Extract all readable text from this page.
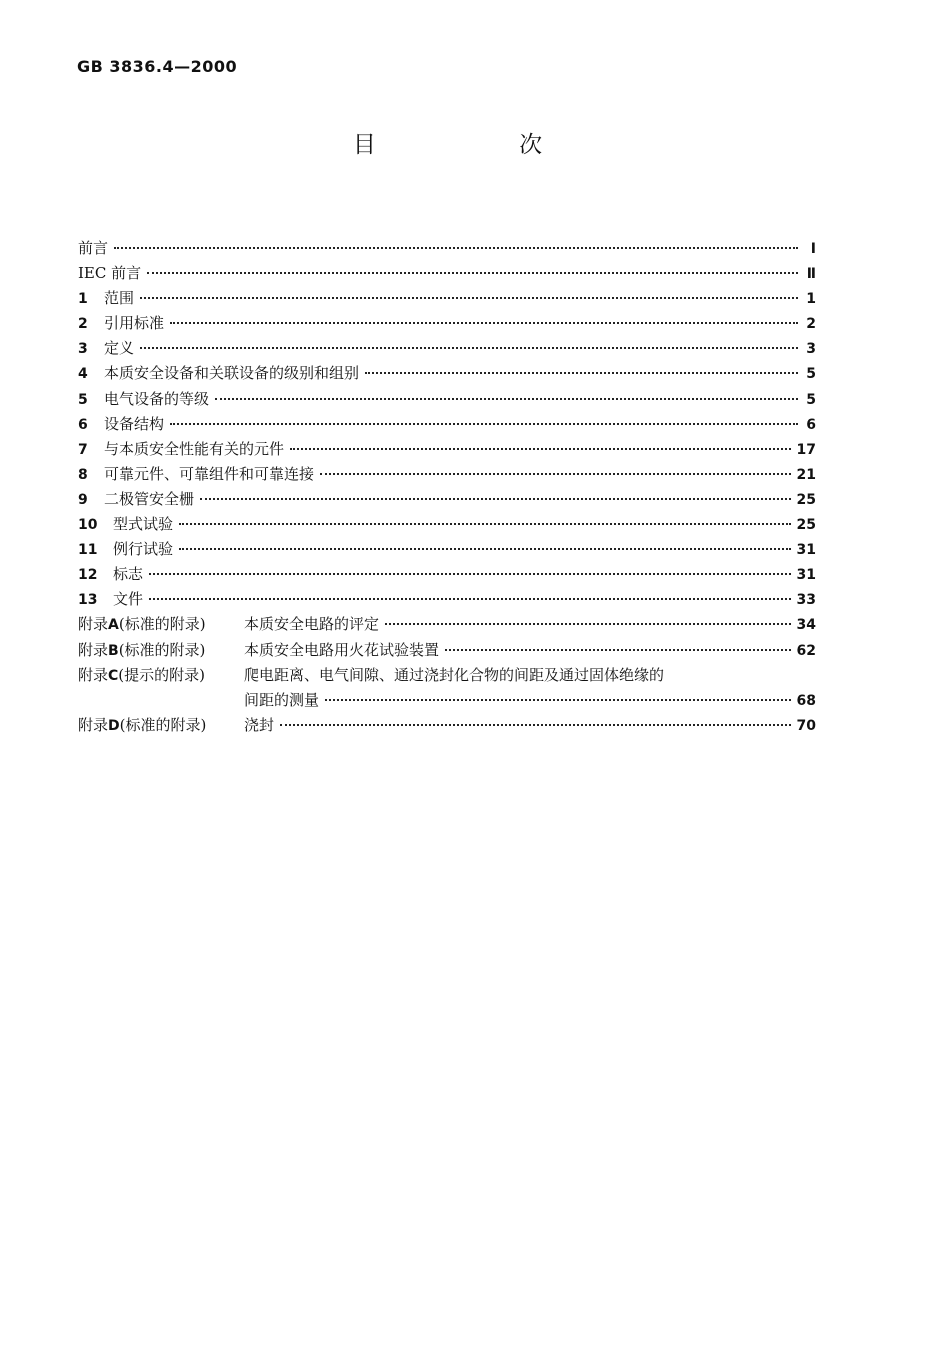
GB 3836.4—2000
目 次
前言	I
IEC 前言	Ⅱ
1	范围	1
2	引用标准	2
3	定义	3
4	本质安全设备和关联设备的级别和组别	5
5	电气设备的等级	5
6	设备结构	6
7	与本质安全性能有关的元件	17
8	可靠元件、可靠组件和可靠连接	21
9	二极管安全栅	25
10	型式试验	25
11	例行试验	31
12	标志	31
13	文件	33
附录A(标准的附录)	本质安全电路的评定	34
附录B(标准的附录)	本质安全电路用火花试验装置	62
附录C(提示的附录)	爬电距离、电气间隙、通过浇封化合物的间距及通过固体绝缘的
间距的测量	68
附录D(标准的附录)	浇封	70
